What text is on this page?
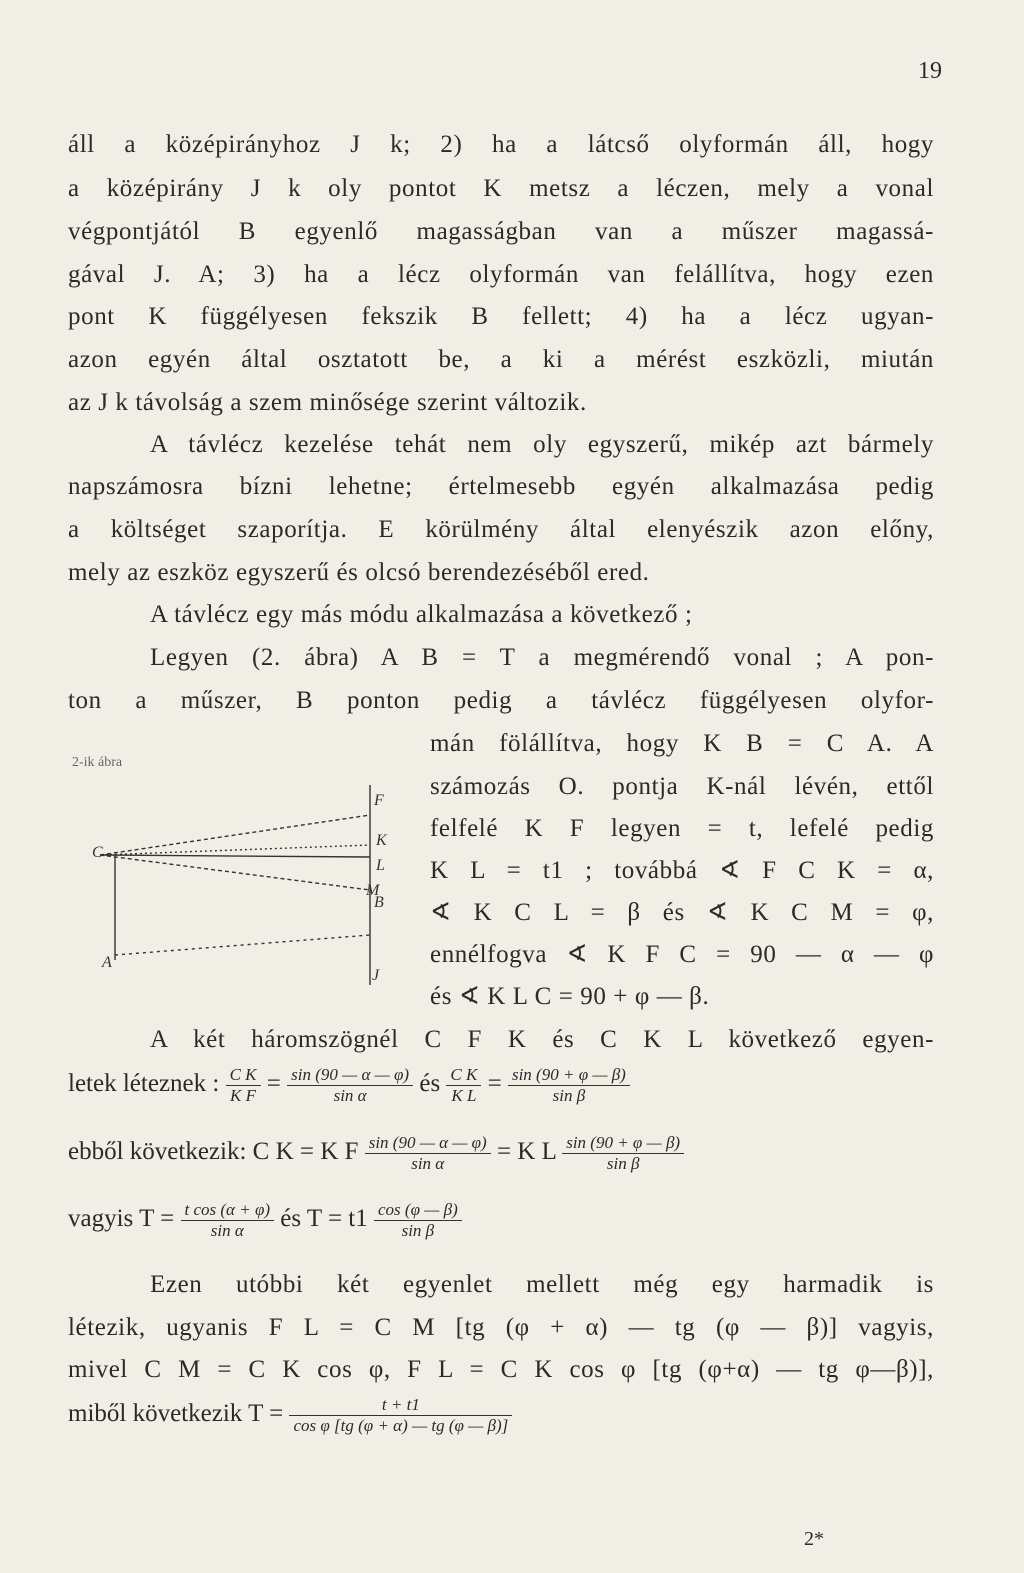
19
áll a középirányhoz J k; 2) ha a látcső olyformán áll, hogy
a középirány J k oly pontot K metsz a léczen, mely a vonal
végpontjától B egyenlő magasságban van a műszer magassá-
gával J. A; 3) ha a lécz olyformán van felállítva, hogy ezen
pont K függélyesen fekszik B fellett; 4) ha a lécz ugyan-
azon egyén által osztatott be, a ki a mérést eszközli, miután
az J k távolság a szem minősége szerint változik.
A távlécz kezelése tehát nem oly egyszerű, mikép azt bármely
napszámosra bízni lehetne; értelmesebb egyén alkalmazása pedig
a költséget szaporítja. E körülmény által elenyészik azon előny,
mely az eszköz egyszerű és olcsó berendezéséből ered.
A távlécz egy más módu alkalmazása a következő ;
Legyen (2. ábra) A B = T a megmérendő vonal ; A pon-
ton a műszer, B ponton pedig a távlécz függélyesen olyfor-
2-ik ábra
F
K
C
L
M
B
A
J
mán fölállítva, hogy K B = C A. A
számozás O. pontja K-nál lévén, ettől
felfelé K F legyen = t, lefelé pedig
K L = t1 ; továbbá ∢ F C K = α,
∢ K C L = β és ∢ K C M = φ,
ennélfogva ∢ K F C = 90 — α — φ
és ∢ K L C = 90 + φ — β.
A két háromszögnél C F K és C K L következő egyen-
letek léteznek : $\frac{\text{C K}}{\text{K F}} = \frac{\sin (90 — \alpha — \varphi)}{\text{sin α}}$ és $\frac{\text{C K}}{\text{K L}} = \frac{\sin (90 + \varphi — \beta)}{\text{sin β}}$
ebből következik: C K = K F $\frac{\sin (90 — \alpha — \varphi)}{\text{sin α}} = K$ L $\frac{\sin (90 + \varphi — \beta)}{\text{sin β}}$
vagyis $T = \frac{\text{t cos (α + φ)}}{\text{sin α}}$ és $T = t1 \frac{\cos (\varphi — \beta)}{\text{sin β}}$
Ezen utóbbi két egyenlet mellett még egy harmadik is
létezik, ugyanis F L = C M [tg (φ + α) — tg (φ — β)] vagyis,
mivel C M = C K cos φ, F L = C K cos φ [tg (φ+α) — tg φ—β)],
miből következik $T = \frac{t + t1}{\text{cos φ [tg (φ + α) — tg (φ — β)]}}$
2*
